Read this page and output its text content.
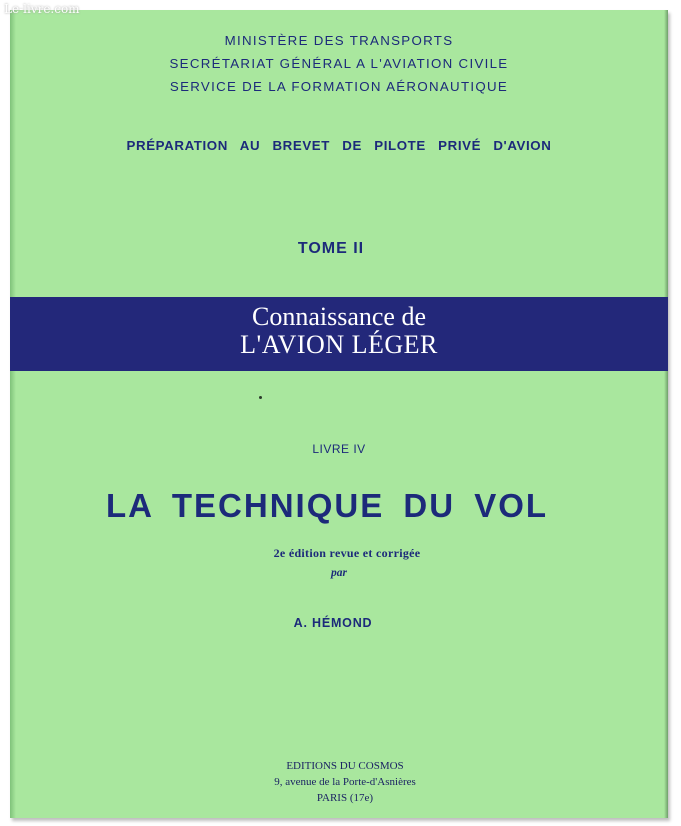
Le-livre.com
MINISTÈRE DES TRANSPORTS
SECRÉTARIAT GÉNÉRAL A L'AVIATION CIVILE
SERVICE DE LA FORMATION AÉRONAUTIQUE
PRÉPARATION AU BREVET DE PILOTE PRIVÉ D'AVION
TOME II
Connaissance de
L'AVION LÉGER
LIVRE IV
LA TECHNIQUE DU VOL
2e édition revue et corrigée
par
A. HÉMOND
EDITIONS DU COSMOS
9, avenue de la Porte-d'Asnières
PARIS (17e)
